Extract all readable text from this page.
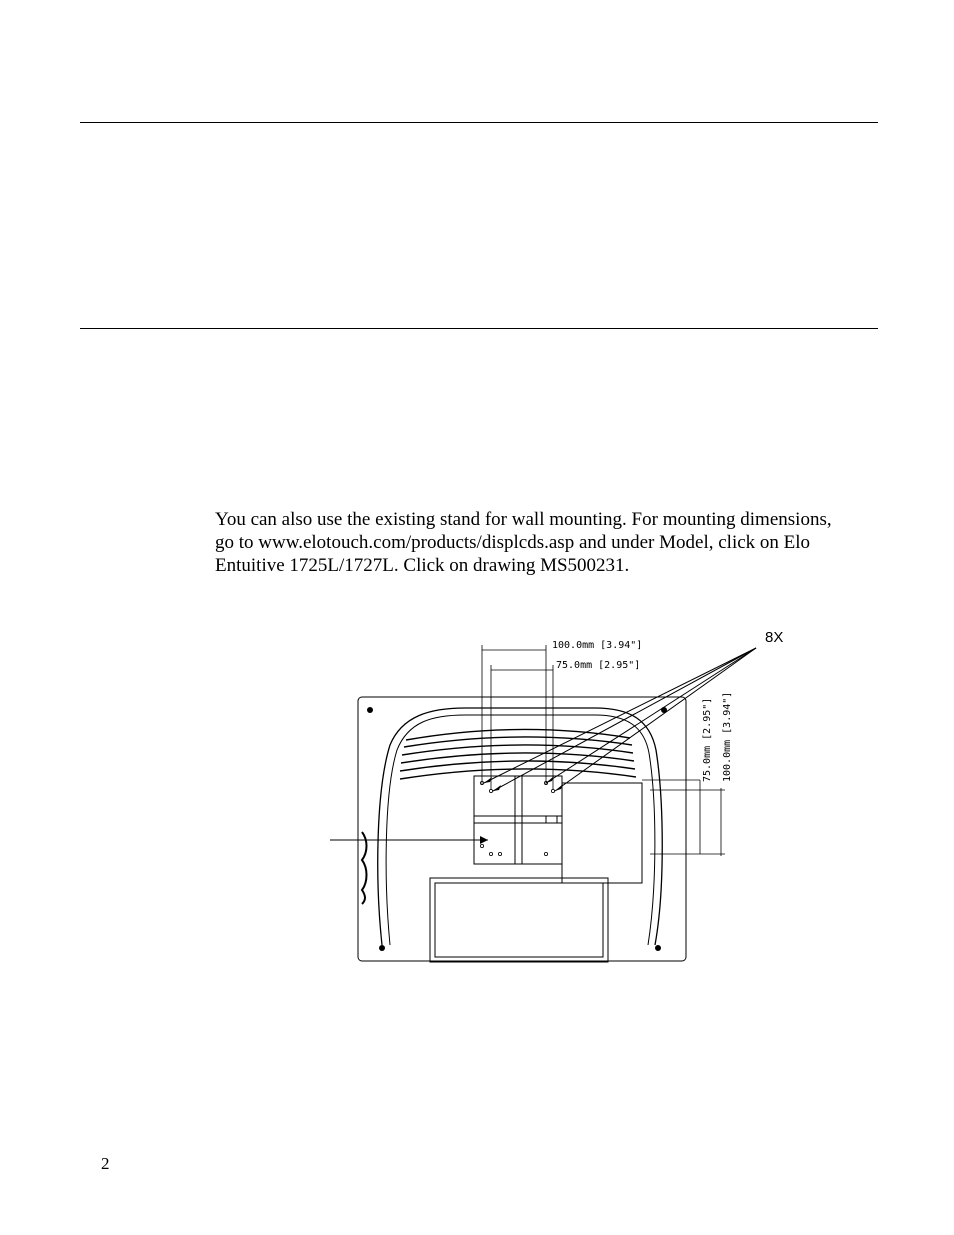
You can also use the existing stand for wall mounting. For mounting dimensions,
go to www.elotouch.com/products/displcds.asp and under Model, click on Elo
Entuitive 1725L/1727L. Click on drawing MS500231.

100.0mm [3.94"]
75.0mm [2.95"]
75.0mm [2.95"] 100.0mm [3.94"]
8X
2
